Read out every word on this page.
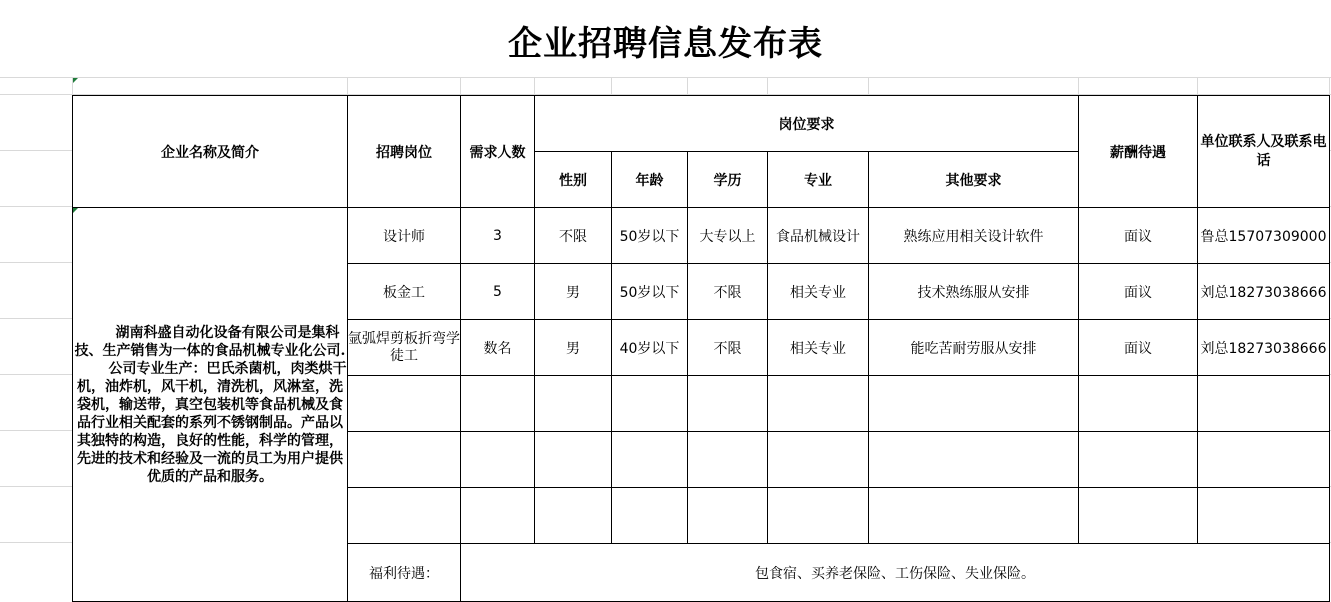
企业招聘信息发布表
企业名称及简介	招聘岗位	需求人数	岗位要求					薪酬待遇	单位联系人及联系电话
			性别	年龄	学历	专业	其他要求		

湖南科盛自动化设备有限公司是集科技、生产销售为一体的食品机械专业化公司.

公司专业生产：巴氏杀菌机，肉类烘干机，油炸机，风干机，清洗机，风淋室，洗袋机，输送带，真空包装机等食品机械及食品行业相关配套的系列不锈钢制品。产品以其独特的构造，良好的性能，科学的管理，先进的技术和经验及一流的员工为用户提供优质的产品和服务。	设计师	3	不限	50岁以下	大专以上	食品机械设计	熟练应用相关设计软件	面议	鲁总15707309000
	板金工	5	男	50岁以下	不限	相关专业	技术熟练服从安排	面议	刘总18273038666
	氩弧焊剪板折弯学徒工	数名	男	40岁以下	不限	相关专业	能吃苦耐劳服从安排	面议	刘总18273038666

	福利待遇：	包食宿、买养老保险、工伤保险、失业保险。							
